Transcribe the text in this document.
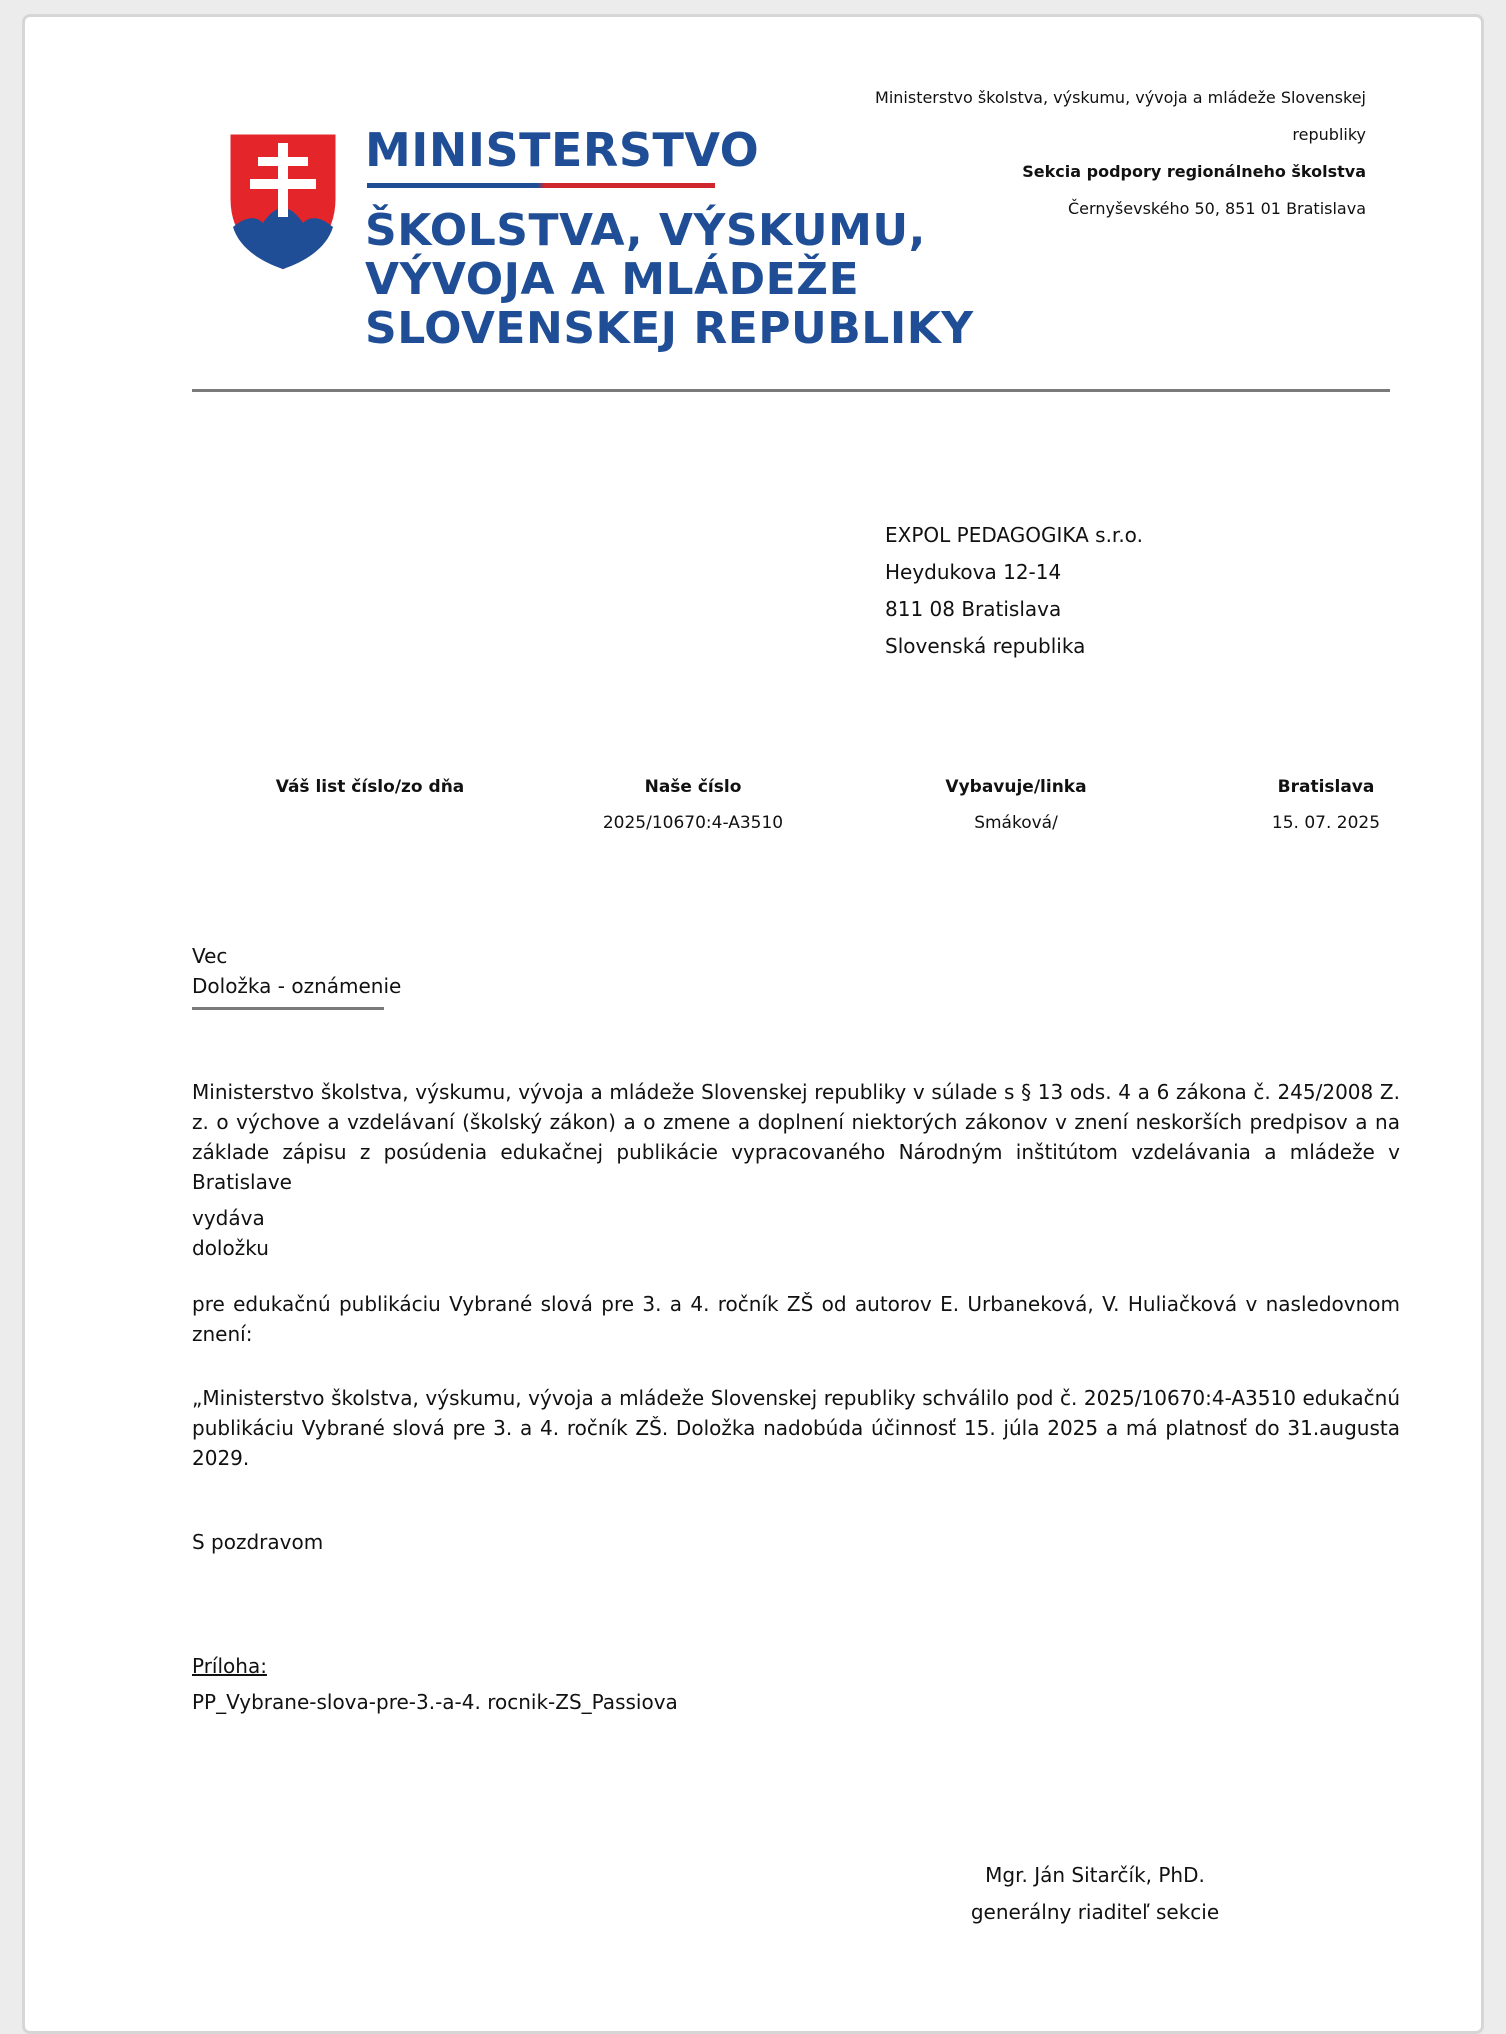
MINISTERSTVO
ŠKOLSTVA, VÝSKUMU,
VÝVOJA A MLÁDEŽE
SLOVENSKEJ REPUBLIKY
Ministerstvo školstva, výskumu, vývoja a mládeže Slovenskej
republiky
Sekcia podpory regionálneho školstva
Černyševského 50, 851 01 Bratislava
EXPOL PEDAGOGIKA s.r.o.
Heydukova 12-14
811 08 Bratislava
Slovenská republika
Váš list číslo/zo dňa	Naše číslo
2025/10670:4-A3510
Vybavuje/linka
Smáková/
Bratislava
15. 07. 2025
Vec
Doložka - oznámenie
Ministerstvo školstva, výskumu, vývoja a mládeže Slovenskej republiky v súlade s § 13 ods. 4 a 6 zákona č. 245/2008 Z. z. o výchove a vzdelávaní (školský zákon) a o zmene a doplnení niektorých zákonov v znení neskorších predpisov a na základe zápisu z posúdenia edukačnej publikácie vypracovaného Národným inštitútom vzdelávania a mládeže v Bratislave
vydáva
doložku
pre edukačnú publikáciu Vybrané slová pre 3. a 4. ročník ZŠ od autorov E. Urbaneková, V. Huliačková v nasledovnom znení:
„Ministerstvo školstva, výskumu, vývoja a mládeže Slovenskej republiky schválilo pod č. 2025/10670:4-A3510 edukačnú publikáciu Vybrané slová pre 3. a 4. ročník ZŠ. Doložka nadobúda účinnosť 15. júla 2025 a má platnosť do 31.augusta 2029.
S pozdravom
Príloha:
PP_Vybrane-slova-pre-3.-a-4. rocnik-ZS_Passiova
Mgr. Ján Sitarčík, PhD.
generálny riaditeľ sekcie
